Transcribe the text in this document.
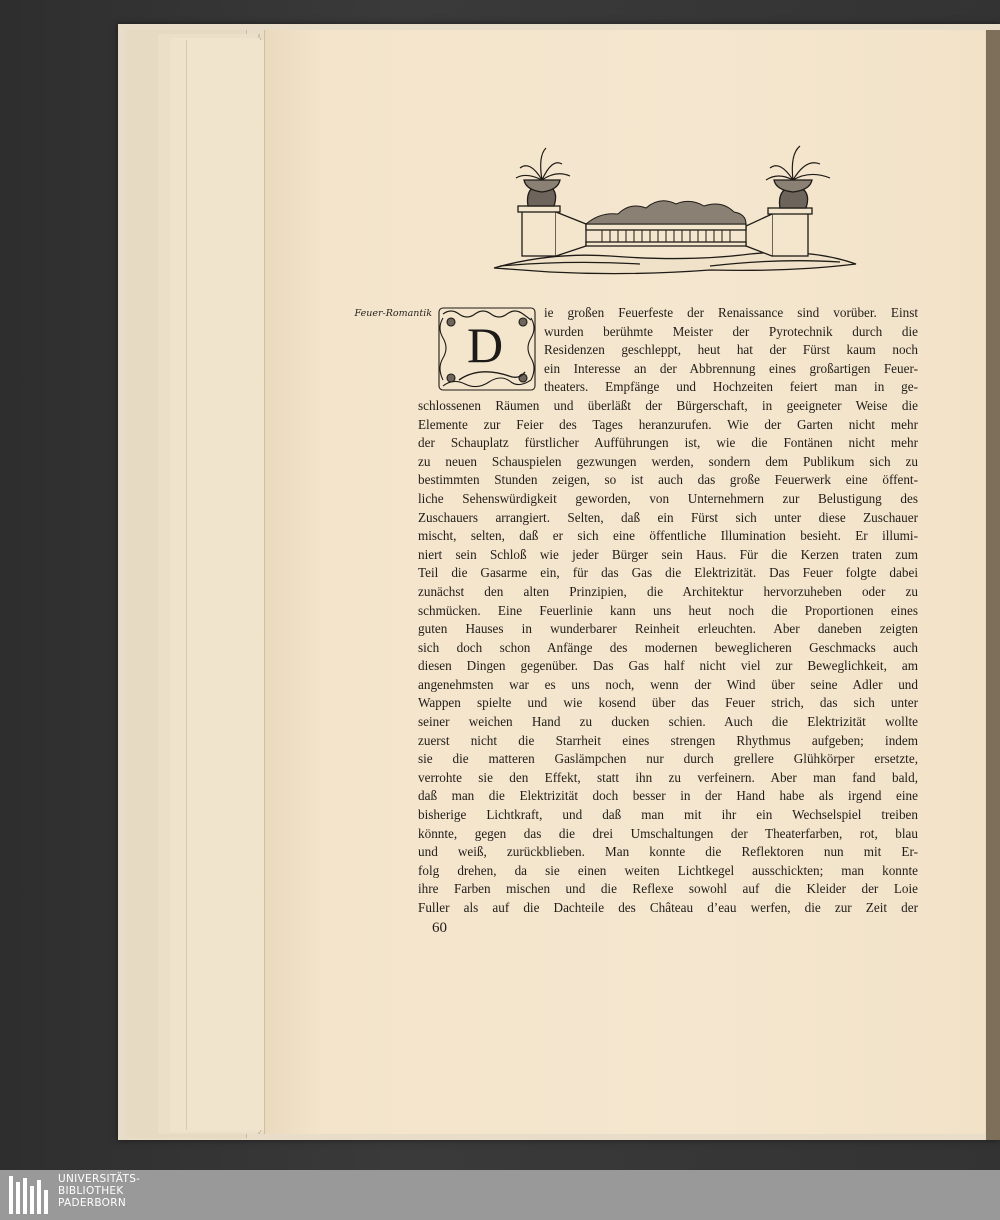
Feuer-Romantik
D
ie großen Feuerfeste der Renaissance sind vorüber. Einst
wurden berühmte Meister der Pyrotechnik durch die
Residenzen geschleppt, heut hat der Fürst kaum noch
ein Interesse an der Abbrennung eines großartigen Feuer-
theaters. Empfänge und Hochzeiten feiert man in ge-
schlossenen Räumen und überläßt der Bürgerschaft, in geeigneter Weise die
Elemente zur Feier des Tages heranzurufen. Wie der Garten nicht mehr
der Schauplatz fürstlicher Aufführungen ist, wie die Fontänen nicht mehr
zu neuen Schauspielen gezwungen werden, sondern dem Publikum sich zu
bestimmten Stunden zeigen, so ist auch das große Feuerwerk eine öffent-
liche Sehenswürdigkeit geworden, von Unternehmern zur Belustigung des
Zuschauers arrangiert. Selten, daß ein Fürst sich unter diese Zuschauer
mischt, selten, daß er sich eine öffentliche Illumination besieht. Er illumi-
niert sein Schloß wie jeder Bürger sein Haus. Für die Kerzen traten zum
Teil die Gasarme ein, für das Gas die Elektrizität. Das Feuer folgte dabei
zunächst den alten Prinzipien, die Architektur hervorzuheben oder zu
schmücken. Eine Feuerlinie kann uns heut noch die Proportionen eines
guten Hauses in wunderbarer Reinheit erleuchten. Aber daneben zeigten
sich doch schon Anfänge des modernen beweglicheren Geschmacks auch
diesen Dingen gegenüber. Das Gas half nicht viel zur Beweglichkeit, am
angenehmsten war es uns noch, wenn der Wind über seine Adler und
Wappen spielte und wie kosend über das Feuer strich, das sich unter
seiner weichen Hand zu ducken schien. Auch die Elektrizität wollte
zuerst nicht die Starrheit eines strengen Rhythmus aufgeben; indem
sie die matteren Gaslämpchen nur durch grellere Glühkörper ersetzte,
verrohte sie den Effekt, statt ihn zu verfeinern. Aber man fand bald,
daß man die Elektrizität doch besser in der Hand habe als irgend eine
bisherige Lichtkraft, und daß man mit ihr ein Wechselspiel treiben
könnte, gegen das die drei Umschaltungen der Theaterfarben, rot, blau
und weiß, zurückblieben. Man konnte die Reflektoren nun mit Er-
folg drehen, da sie einen weiten Lichtkegel ausschickten; man konnte
ihre Farben mischen und die Reflexe sowohl auf die Kleider der Loie
Fuller als auf die Dachteile des Château d’eau werfen, die zur Zeit der
60
UNIVERSITÄTS-
BIBLIOTHEK
PADERBORN
